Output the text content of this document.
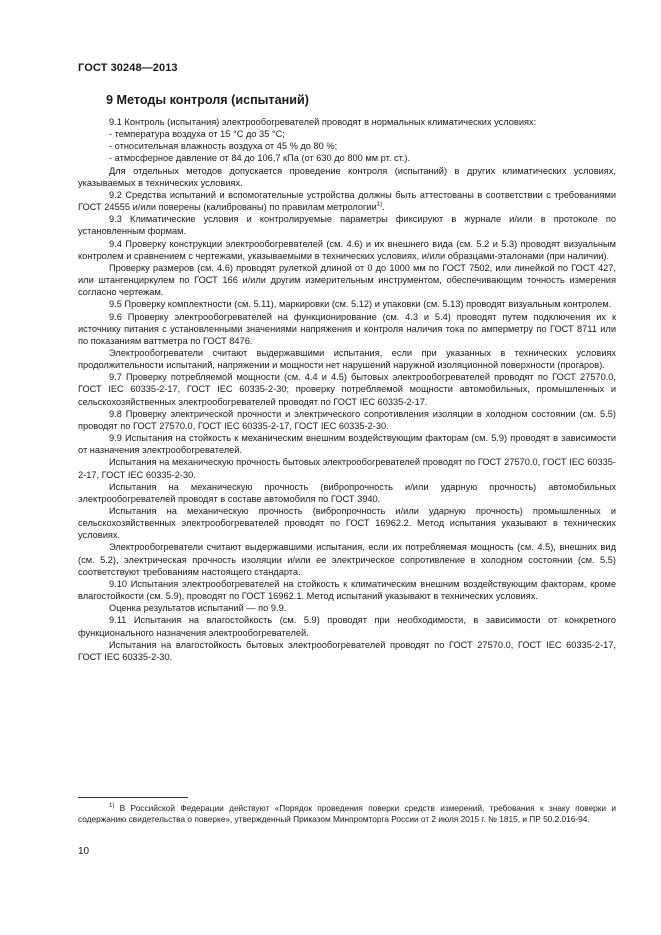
ГОСТ 30248—2013
9 Методы контроля (испытаний)

9.1 Контроль (испытания) электрообогревателей проводят в нормальных климатических условиях:

- температура воздуха от 15 °С до 35 °С;

- относительная влажность воздуха от 45 % до 80 %;

- атмосферное давление от 84 до 106,7 кПа (от 630 до 800 мм рт. ст.).

Для отдельных методов допускается проведение контроля (испытаний) в других климатических условиях, указываемых в технических условиях.

9.2 Средства испытаний и вспомогательные устройства должны быть аттестованы в соответствии с требованиями ГОСТ 24555 и/или поверены (калиброваны) по правилам метрологии$^{1)}$.

9.3 Климатические условия и контролируемые параметры фиксируют в журнале и/или в протоколе по установленным формам.

9.4 Проверку конструкции электрообогревателей (см. 4.6) и их внешнего вида (см. 5.2 и 5.3) проводят визуальным контролем и сравнением с чертежами, указываемыми в технических условиях, и/или образцами-эталонами (при наличии).

Проверку размеров (см. 4.6) проводят рулеткой длиной от 0 до 1000 мм по ГОСТ 7502, или линейкой по ГОСТ 427, или штангенциркулем по ГОСТ 166 и/или другим измерительным инструментом, обеспечивающим точность измерения согласно чертежам.

9.5 Проверку комплектности (см. 5.11), маркировки (см. 5.12) и упаковки (см. 5.13) проводят визуальным контролем.

9.6 Проверку электрообогревателей на функционирование (см. 4.3 и 5.4) проводят путем подключения их к источнику питания с установленными значениями напряжения и контроля наличия тока по амперметру по ГОСТ 8711 или по показаниям ваттметра по ГОСТ 8476.

Электрообогреватели считают выдержавшими испытания, если при указанных в технических условиях продолжительности испытаний, напряжении и мощности нет нарушений наружной изоляционной поверхности (прогаров).

9.7 Проверку потребляемой мощности (см. 4.4 и 4.5) бытовых электрообогревателей проводят по ГОСТ 27570.0, ГОСТ IEC 60335-2-17, ГОСТ IEC 60335-2-30; проверку потребляемой мощности автомобильных, промышленных и сельскохозяйственных электрообогревателей проводят по ГОСТ IEC 60335-2-17.

9.8 Проверку электрической прочности и электрического сопротивления изоляции в холодном состоянии (см. 5.5) проводят по ГОСТ 27570.0, ГОСТ IEC 60335-2-17, ГОСТ IEC 60335-2-30.

9.9 Испытания на стойкость к механическим внешним воздействующим факторам (см. 5.9) проводят в зависимости от назначения электрообогревателей.

Испытания на механическую прочность бытовых электрообогревателей проводят по ГОСТ 27570.0, ГОСТ IEC 60335-2-17, ГОСТ IEC 60335-2-30.

Испытания на механическую прочность (вибропрочность и/или ударную прочность) автомобильных электрообогревателей проводят в составе автомобиля по ГОСТ 3940.

Испытания на механическую прочность (вибропрочность и/или ударную прочность) промышленных и сельскохозяйственных электрообогревателей проводят по ГОСТ 16962.2. Метод испытания указывают в технических условиях.

Электрообогреватели считают выдержавшими испытания, если их потребляемая мощность (см. 4.5), внешних вид (см. 5.2), электрическая прочность изоляции и/или ее электрическое сопротивление в холодном состоянии (см. 5.5) соответствуют требованиям настоящего стандарта.

9.10 Испытания электрообогревателей на стойкость к климатическим внешним воздействующим факторам, кроме влагостойкости (см. 5.9), проводят по ГОСТ 16962.1. Метод испытаний указывают в технических условиях.

Оценка результатов испытаний — по 9.9.

9.11 Испытания на влагостойкость (см. 5.9) проводят при необходимости, в зависимости от конкретного функционального назначения электрообогревателей.

Испытания на влагостойкость бытовых электрообогревателей проводят по ГОСТ 27570.0, ГОСТ IEC 60335-2-17, ГОСТ IEC 60335-2-30.

$^{1)}$ В Российской Федерации действуют «Порядок проведения поверки средств измерений, требования к знаку поверки и содержанию свидетельства о поверке», утвержденный Приказом Минпромторга России от 2 июля 2015 г. № 1815, и ПР 50.2.016-94.

10
